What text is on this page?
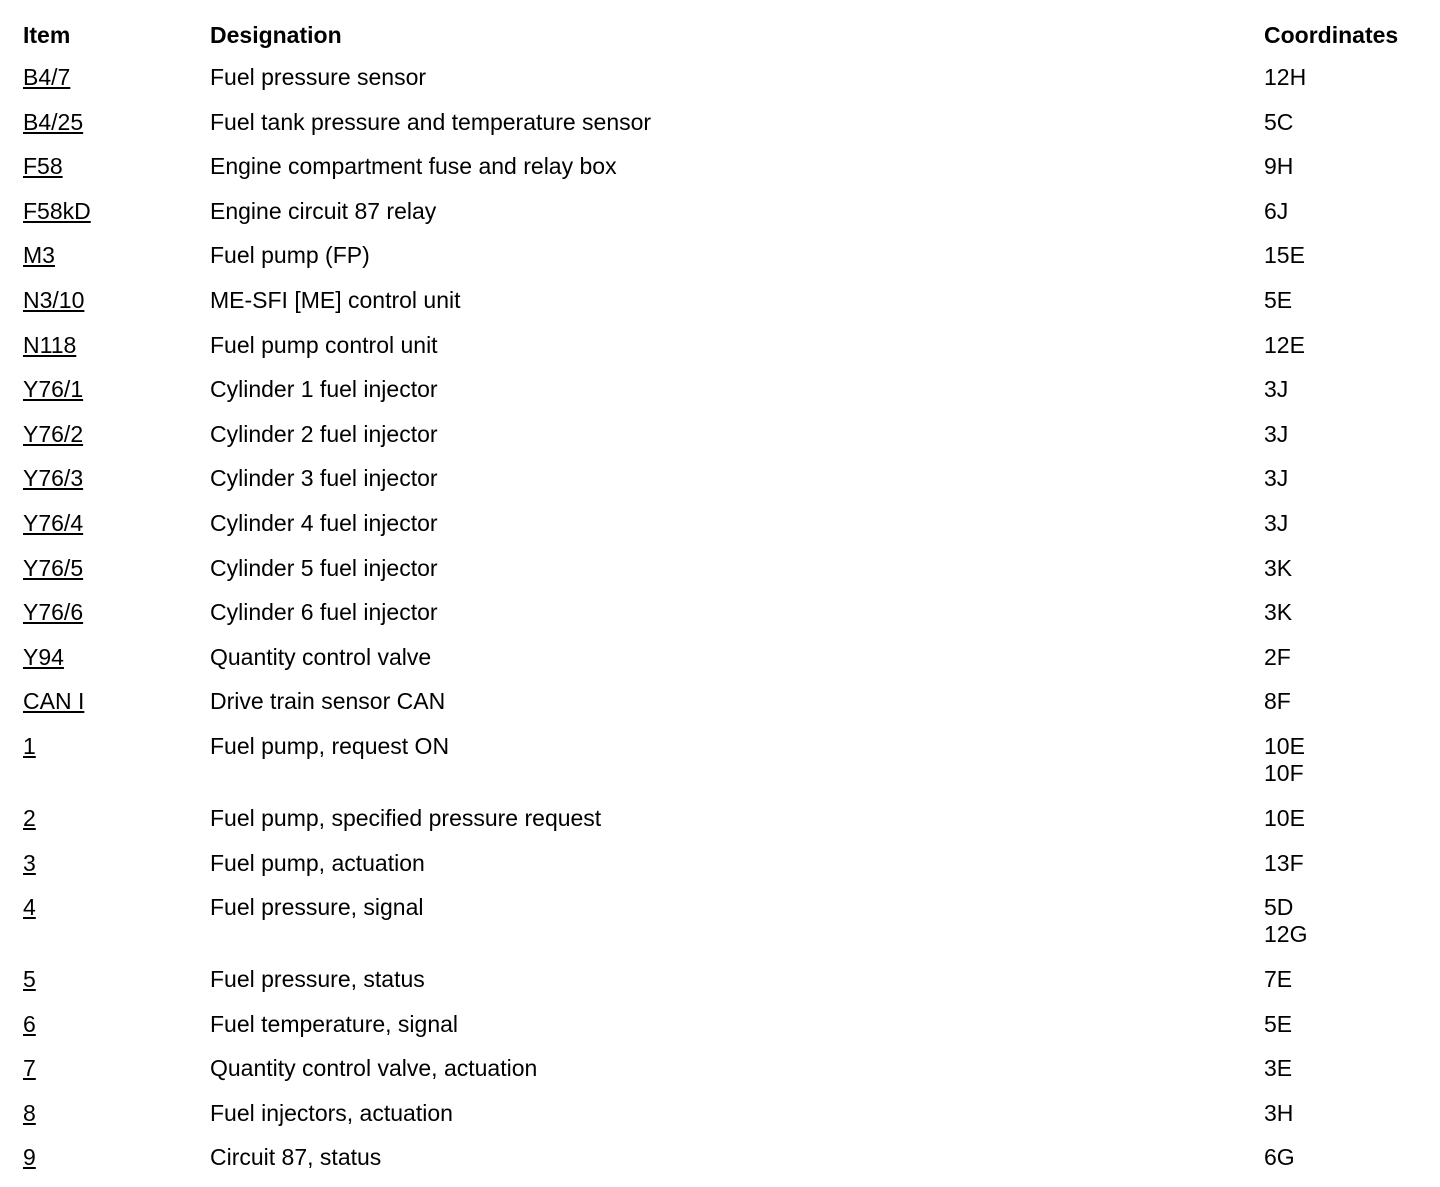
Item	Designation	Coordinates
B4/7	Fuel pressure sensor	12H
B4/25	Fuel tank pressure and temperature sensor	5C
F58	Engine compartment fuse and relay box	9H
F58kD	Engine circuit 87 relay	6J
M3	Fuel pump (FP)	15E
N3/10	ME-SFI [ME] control unit	5E
N118	Fuel pump control unit	12E
Y76/1	Cylinder 1 fuel injector	3J
Y76/2	Cylinder 2 fuel injector	3J
Y76/3	Cylinder 3 fuel injector	3J
Y76/4	Cylinder 4 fuel injector	3J
Y76/5	Cylinder 5 fuel injector	3K
Y76/6	Cylinder 6 fuel injector	3K
Y94	Quantity control valve	2F
CAN I	Drive train sensor CAN	8F
1	Fuel pump, request ON	10E
10F
2	Fuel pump, specified pressure request	10E
3	Fuel pump, actuation	13F
4	Fuel pressure, signal	5D
12G
5	Fuel pressure, status	7E
6	Fuel temperature, signal	5E
7	Quantity control valve, actuation	3E
8	Fuel injectors, actuation	3H
9	Circuit 87, status	6G
